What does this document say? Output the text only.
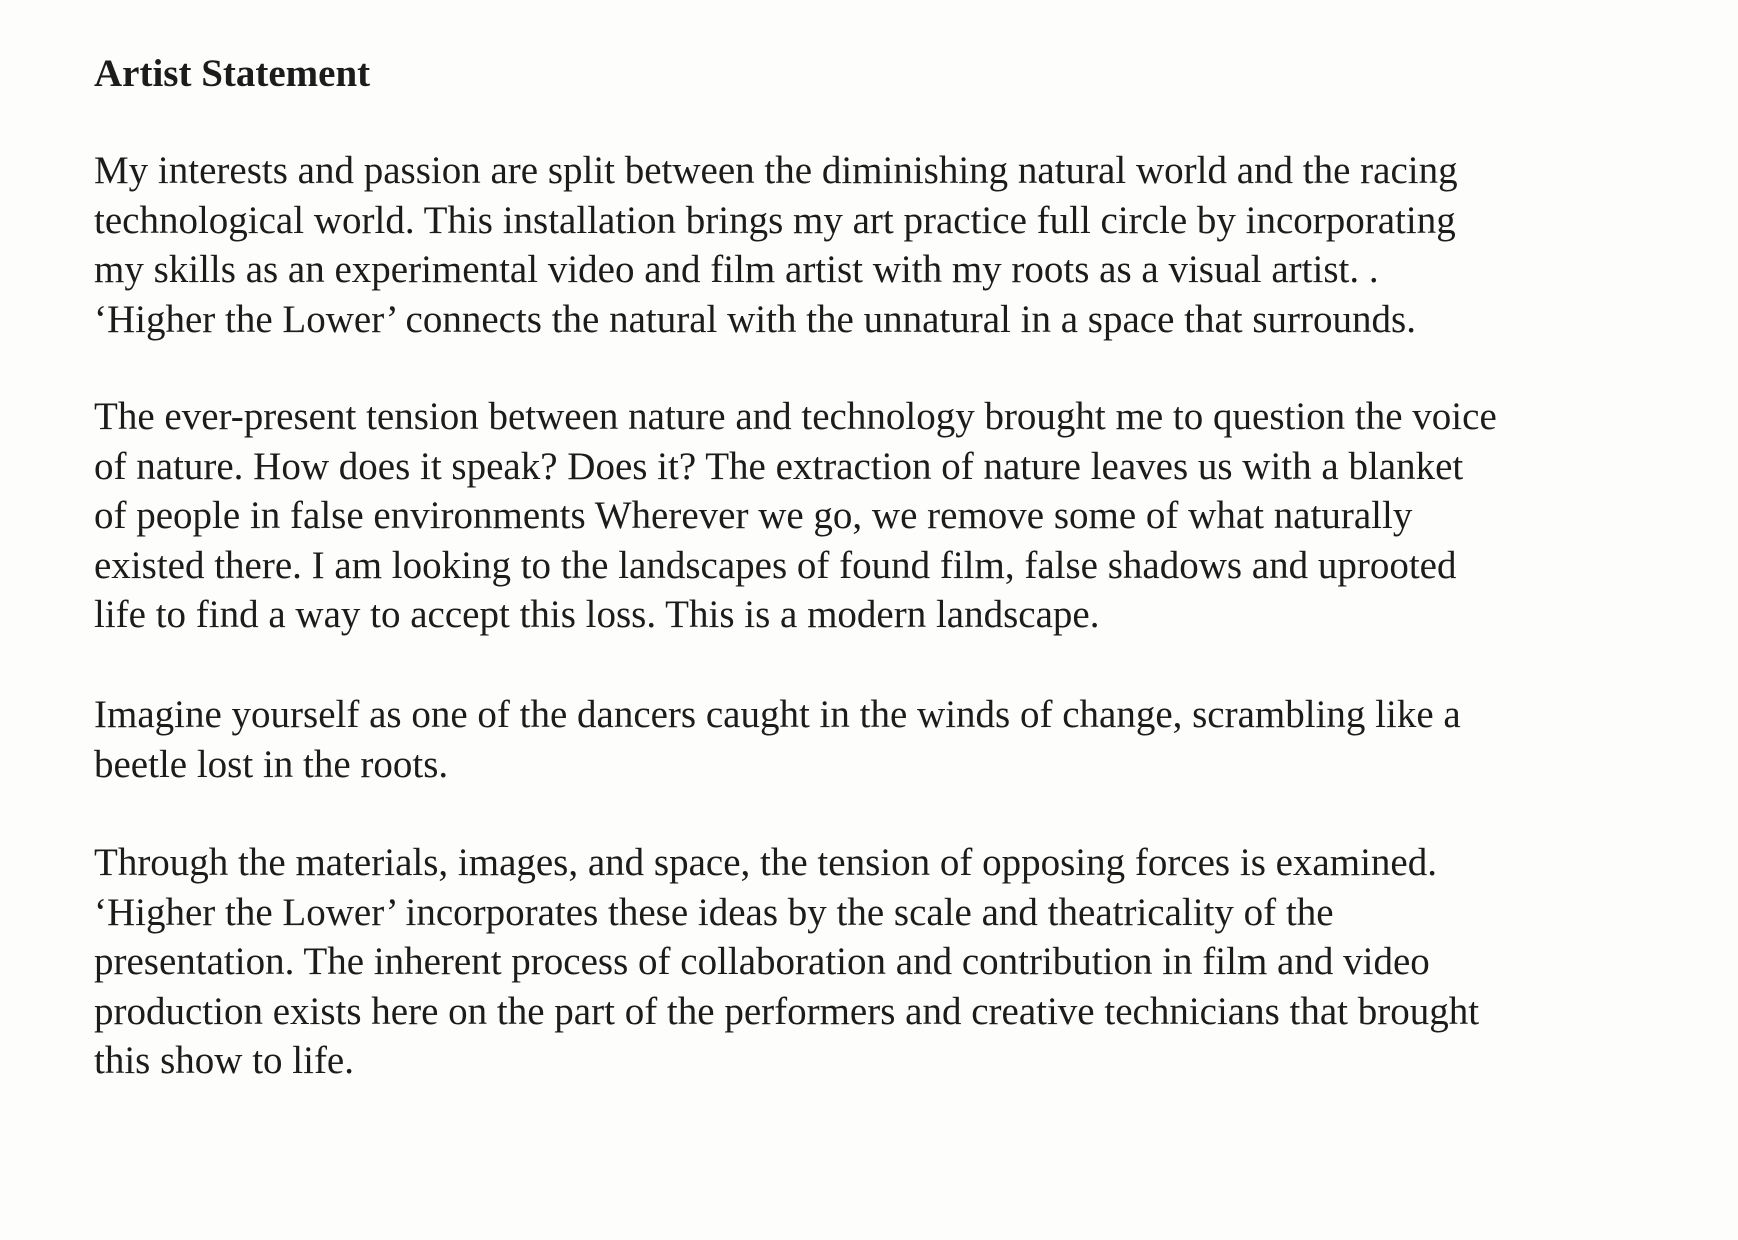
Artist Statement
My interests and passion are split between the diminishing natural world and the racing
technological world. This installation brings my art practice full circle by incorporating
my skills as an experimental video and film artist with my roots as a visual artist. .
‘Higher the Lower’ connects the natural with the unnatural in a space that surrounds.
The ever-present tension between nature and technology brought me to question the voice
of nature. How does it speak? Does it? The extraction of nature leaves us with a blanket
of people in false environments Wherever we go, we remove some of what naturally
existed there. I am looking to the landscapes of found film, false shadows and uprooted
life to find a way to accept this loss. This is a modern landscape.
Imagine yourself as one of the dancers caught in the winds of change, scrambling like a
beetle lost in the roots.
Through the materials, images, and space, the tension of opposing forces is examined.
‘Higher the Lower’ incorporates these ideas by the scale and theatricality of the
presentation. The inherent process of collaboration and contribution in film and video
production exists here on the part of the performers and creative technicians that brought
this show to life.
